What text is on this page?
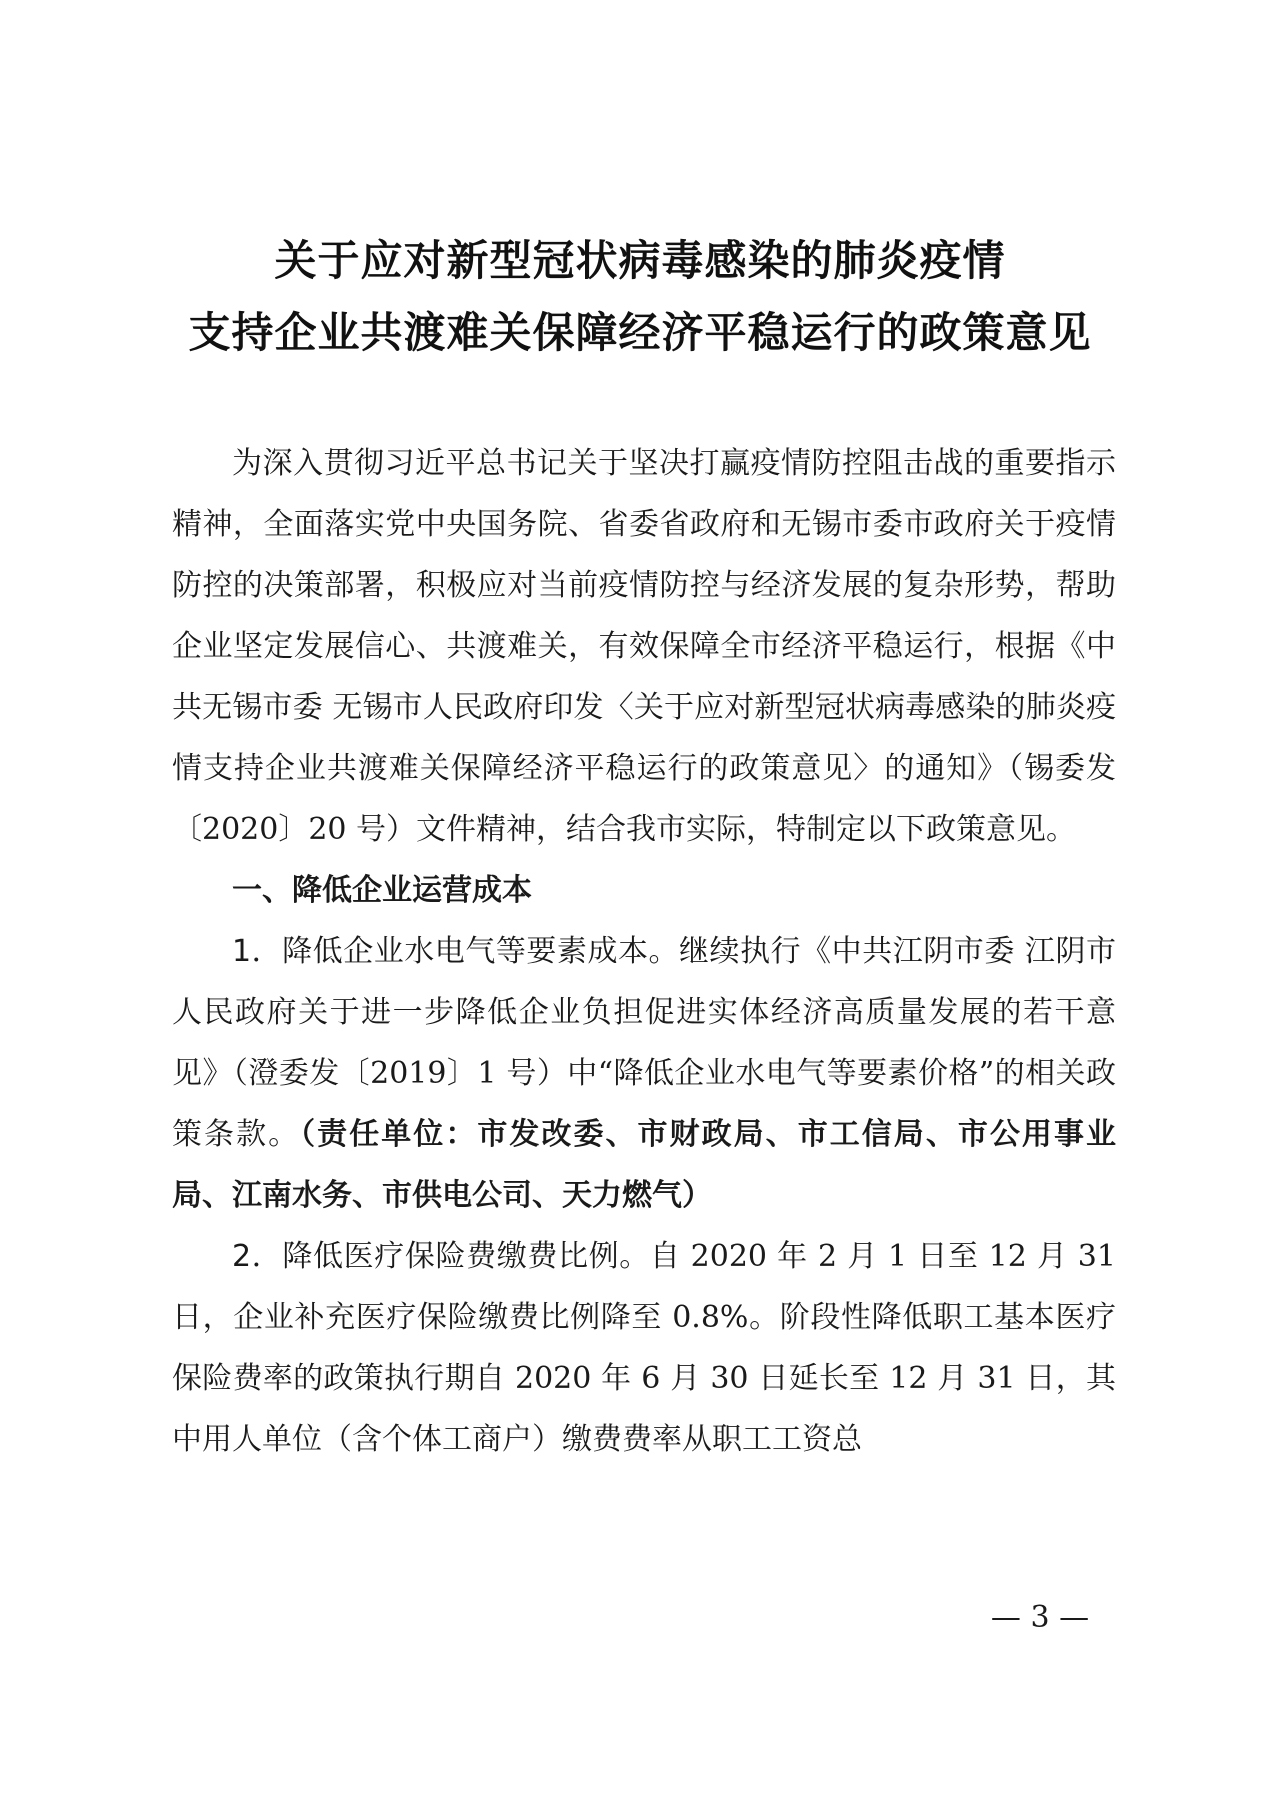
关于应对新型冠状病毒感染的肺炎疫情
支持企业共渡难关保障经济平稳运行的政策意见

为深入贯彻习近平总书记关于坚决打赢疫情防控阻击战的重要指示精神，全面落实党中央国务院、省委省政府和无锡市委市政府关于疫情防控的决策部署，积极应对当前疫情防控与经济发展的复杂形势，帮助企业坚定发展信心、共渡难关，有效保障全市经济平稳运行，根据《中共无锡市委 无锡市人民政府印发〈关于应对新型冠状病毒感染的肺炎疫情支持企业共渡难关保障经济平稳运行的政策意见〉的通知》（锡委发〔2020〕20 号）文件精神，结合我市实际，特制定以下政策意见。

一、降低企业运营成本

1．降低企业水电气等要素成本。继续执行《中共江阴市委 江阴市人民政府关于进一步降低企业负担促进实体经济高质量发展的若干意见》（澄委发〔2019〕1 号）中“降低企业水电气等要素价格”的相关政策条款。（责任单位：市发改委、市财政局、市工信局、市公用事业局、江南水务、市供电公司、天力燃气）

2．降低医疗保险费缴费比例。自 2020 年 2 月 1 日至 12 月 31 日，企业补充医疗保险缴费比例降至 0.8%。阶段性降低职工基本医疗保险费率的政策执行期自 2020 年 6 月 30 日延长至 12 月 31 日，其中用人单位（含个体工商户）缴费费率从职工工资总

— 3 —
